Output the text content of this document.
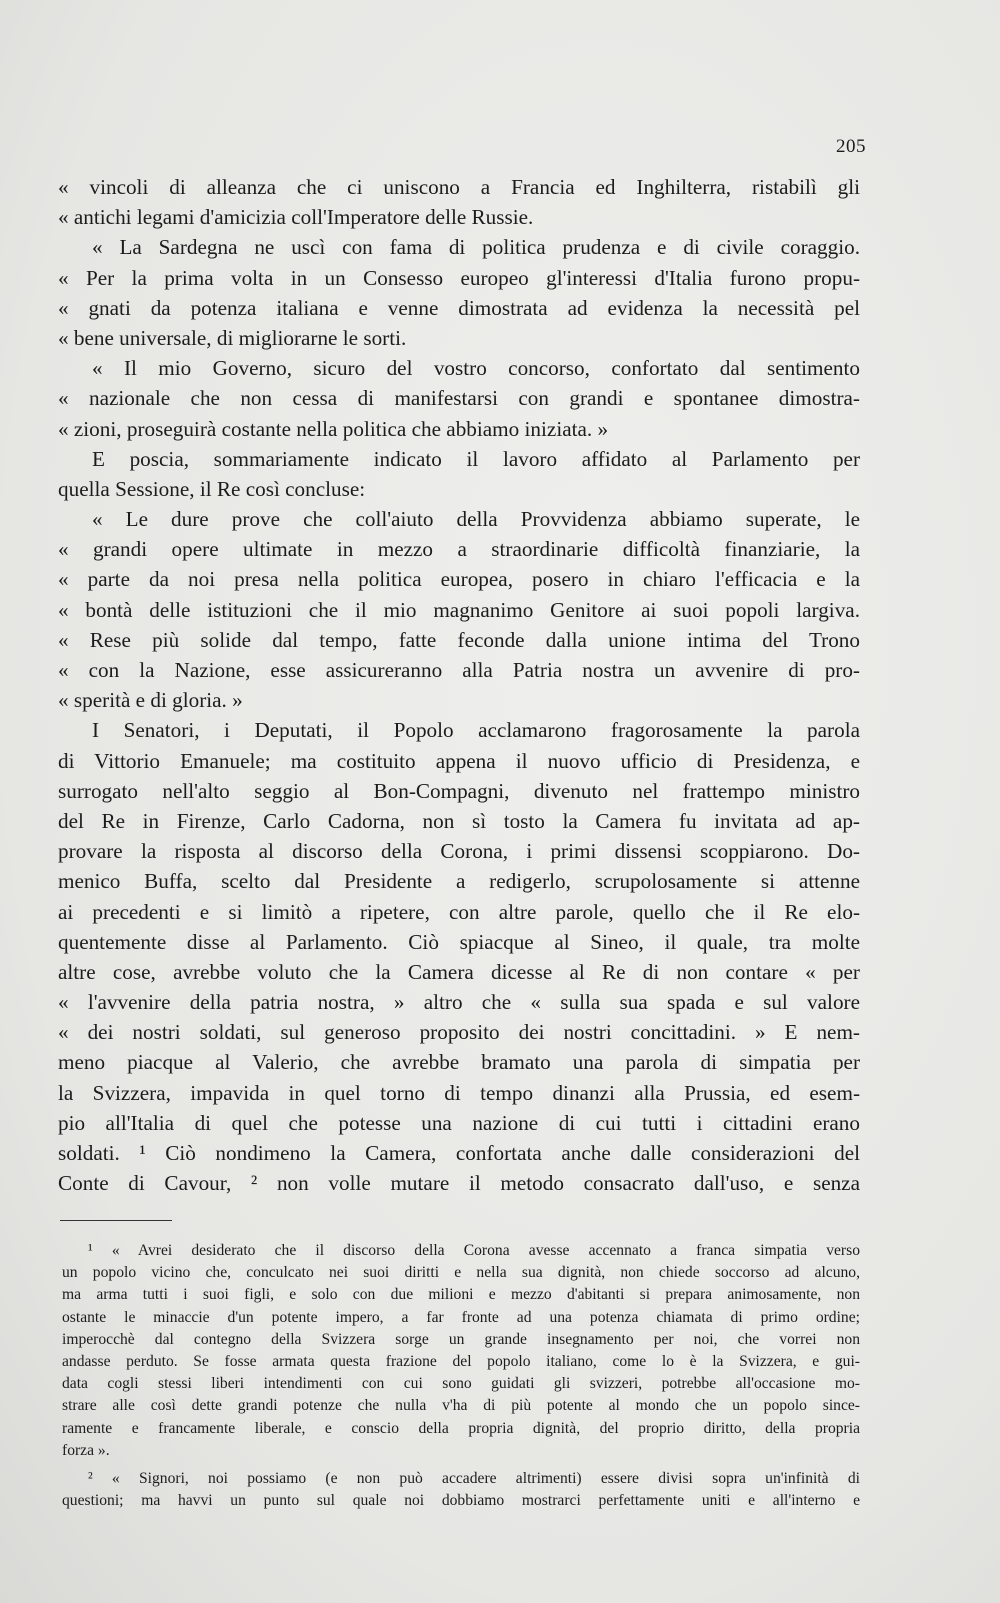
205
« vincoli di alleanza che ci uniscono a Francia ed Inghilterra, ristabilì gli
« antichi legami d'amicizia coll'Imperatore delle Russie.
« La Sardegna ne uscì con fama di politica prudenza e di civile coraggio.
« Per la prima volta in un Consesso europeo gl'interessi d'Italia furono propu-
« gnati da potenza italiana e venne dimostrata ad evidenza la necessità pel
« bene universale, di migliorarne le sorti.
« Il mio Governo, sicuro del vostro concorso, confortato dal sentimento
« nazionale che non cessa di manifestarsi con grandi e spontanee dimostra-
« zioni, proseguirà costante nella politica che abbiamo iniziata. »
E poscia, sommariamente indicato il lavoro affidato al Parlamento per
quella Sessione, il Re così concluse:
« Le dure prove che coll'aiuto della Provvidenza abbiamo superate, le
« grandi opere ultimate in mezzo a straordinarie difficoltà finanziarie, la
« parte da noi presa nella politica europea, posero in chiaro l'efficacia e la
« bontà delle istituzioni che il mio magnanimo Genitore ai suoi popoli largiva.
« Rese più solide dal tempo, fatte feconde dalla unione intima del Trono
« con la Nazione, esse assicureranno alla Patria nostra un avvenire di pro-
« sperità e di gloria. »
I Senatori, i Deputati, il Popolo acclamarono fragorosamente la parola
di Vittorio Emanuele; ma costituito appena il nuovo ufficio di Presidenza, e
surrogato nell'alto seggio al Bon-Compagni, divenuto nel frattempo ministro
del Re in Firenze, Carlo Cadorna, non sì tosto la Camera fu invitata ad ap-
provare la risposta al discorso della Corona, i primi dissensi scoppiarono. Do-
menico Buffa, scelto dal Presidente a redigerlo, scrupolosamente si attenne
ai precedenti e si limitò a ripetere, con altre parole, quello che il Re elo-
quentemente disse al Parlamento. Ciò spiacque al Sineo, il quale, tra molte
altre cose, avrebbe voluto che la Camera dicesse al Re di non contare « per
« l'avvenire della patria nostra, » altro che « sulla sua spada e sul valore
« dei nostri soldati, sul generoso proposito dei nostri concittadini. » E nem-
meno piacque al Valerio, che avrebbe bramato una parola di simpatia per
la Svizzera, impavida in quel torno di tempo dinanzi alla Prussia, ed esem-
pio all'Italia di quel che potesse una nazione di cui tutti i cittadini erano
soldati. ¹ Ciò nondimeno la Camera, confortata anche dalle considerazioni del
Conte di Cavour, ² non volle mutare il metodo consacrato dall'uso, e senza
¹ « Avrei desiderato che il discorso della Corona avesse accennato a franca simpatia verso
un popolo vicino che, conculcato nei suoi diritti e nella sua dignità, non chiede soccorso ad alcuno,
ma arma tutti i suoi figli, e solo con due milioni e mezzo d'abitanti si prepara animosamente, non
ostante le minaccie d'un potente impero, a far fronte ad una potenza chiamata di primo ordine;
imperocchè dal contegno della Svizzera sorge un grande insegnamento per noi, che vorrei non
andasse perduto. Se fosse armata questa frazione del popolo italiano, come lo è la Svizzera, e gui-
data cogli stessi liberi intendimenti con cui sono guidati gli svizzeri, potrebbe all'occasione mo-
strare alle così dette grandi potenze che nulla v'ha di più potente al mondo che un popolo since-
ramente e francamente liberale, e conscio della propria dignità, del proprio diritto, della propria
forza ».
² « Signori, noi possiamo (e non può accadere altrimenti) essere divisi sopra un'infinità di
questioni; ma havvi un punto sul quale noi dobbiamo mostrarci perfettamente uniti e all'interno e
